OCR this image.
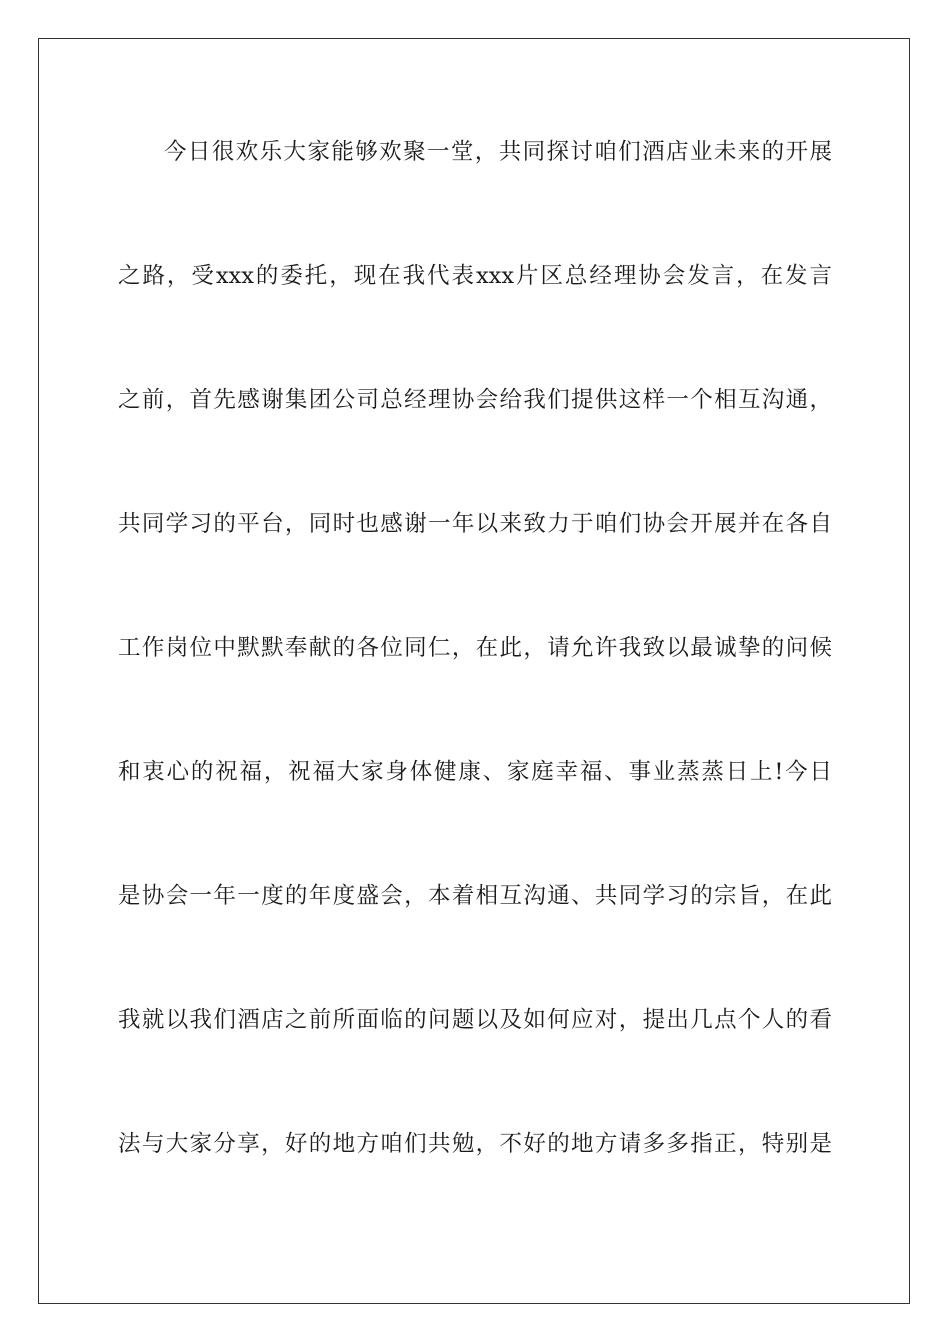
今日很欢乐大家能够欢聚一堂，共同探讨咱们酒店业未来的开展
之路，受xxx的委托，现在我代表xxx片区总经理协会发言，在发言
之前，首先感谢集团公司总经理协会给我们提供这样一个相互沟通，
共同学习的平台，同时也感谢一年以来致力于咱们协会开展并在各自
工作岗位中默默奉献的各位同仁，在此，请允许我致以最诚挚的问候
和衷心的祝福，祝福大家身体健康、家庭幸福、事业蒸蒸日上!今日
是协会一年一度的年度盛会，本着相互沟通、共同学习的宗旨，在此
我就以我们酒店之前所面临的问题以及如何应对，提出几点个人的看
法与大家分享，好的地方咱们共勉，不好的地方请多多指正，特别是
